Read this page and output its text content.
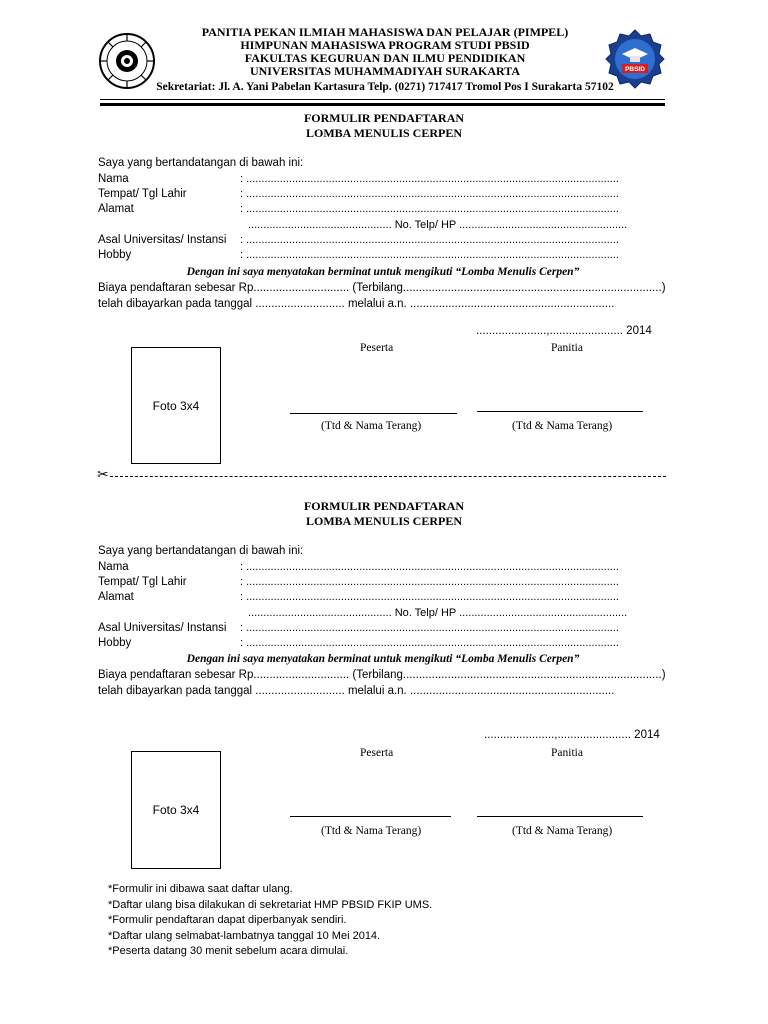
PANITIA PEKAN ILMIAH MAHASISWA DAN PELAJAR (PIMPEL)
HIMPUNAN MAHASISWA PROGRAM STUDI PBSID
FAKULTAS KEGURUAN DAN ILMU PENDIDIKAN
UNIVERSITAS MUHAMMADIYAH SURAKARTA
Sekretariat: Jl. A. Yani Pabelan Kartasura Telp. (0271) 717417 Tromol Pos I Surakarta 57102
PBSID
FORMULIR PENDAFTARAN
LOMBA MENULIS CERPEN
Saya yang bertandatangan di bawah ini:
Nama	: ..........................................................................................................................
Tempat/ Tgl Lahir	: ..........................................................................................................................
Alamat	: ..........................................................................................................................
............................................... No. Telp/ HP .......................................................
Asal Universitas/ Instansi : ..........................................................................................................................
Hobby	: ..........................................................................................................................
Dengan ini saya menyatakan berminat untuk mengikuti “Lomba Menulis Cerpen”
Biaya pendaftaran sebesar Rp.............................. (Terbilang.................................................................................)
telah dibayarkan pada tanggal ............................ melalui a.n. ................................................................
......................,....................... 2014
Peserta	Panitia
Foto 3x4
(Ttd & Nama Terang)	(Ttd & Nama Terang)
✂
FORMULIR PENDAFTARAN
LOMBA MENULIS CERPEN
Saya yang bertandatangan di bawah ini:
Nama	: ..........................................................................................................................
Tempat/ Tgl Lahir	: ..........................................................................................................................
Alamat	: ..........................................................................................................................
............................................... No. Telp/ HP .......................................................
Asal Universitas/ Instansi : ..........................................................................................................................
Hobby	: ..........................................................................................................................
Dengan ini saya menyatakan berminat untuk mengikuti “Lomba Menulis Cerpen”
Biaya pendaftaran sebesar Rp.............................. (Terbilang.................................................................................)
telah dibayarkan pada tanggal ............................ melalui a.n. ................................................................
......................,....................... 2014
Peserta	Panitia
Foto 3x4
(Ttd & Nama Terang)	(Ttd & Nama Terang)
*Formulir ini dibawa saat daftar ulang.
*Daftar ulang bisa dilakukan di sekretariat HMP PBSID FKIP UMS.
*Formulir pendaftaran dapat diperbanyak sendiri.
*Daftar ulang selmabat-lambatnya tanggal 10 Mei 2014.
*Peserta datang 30 menit sebelum acara dimulai.
